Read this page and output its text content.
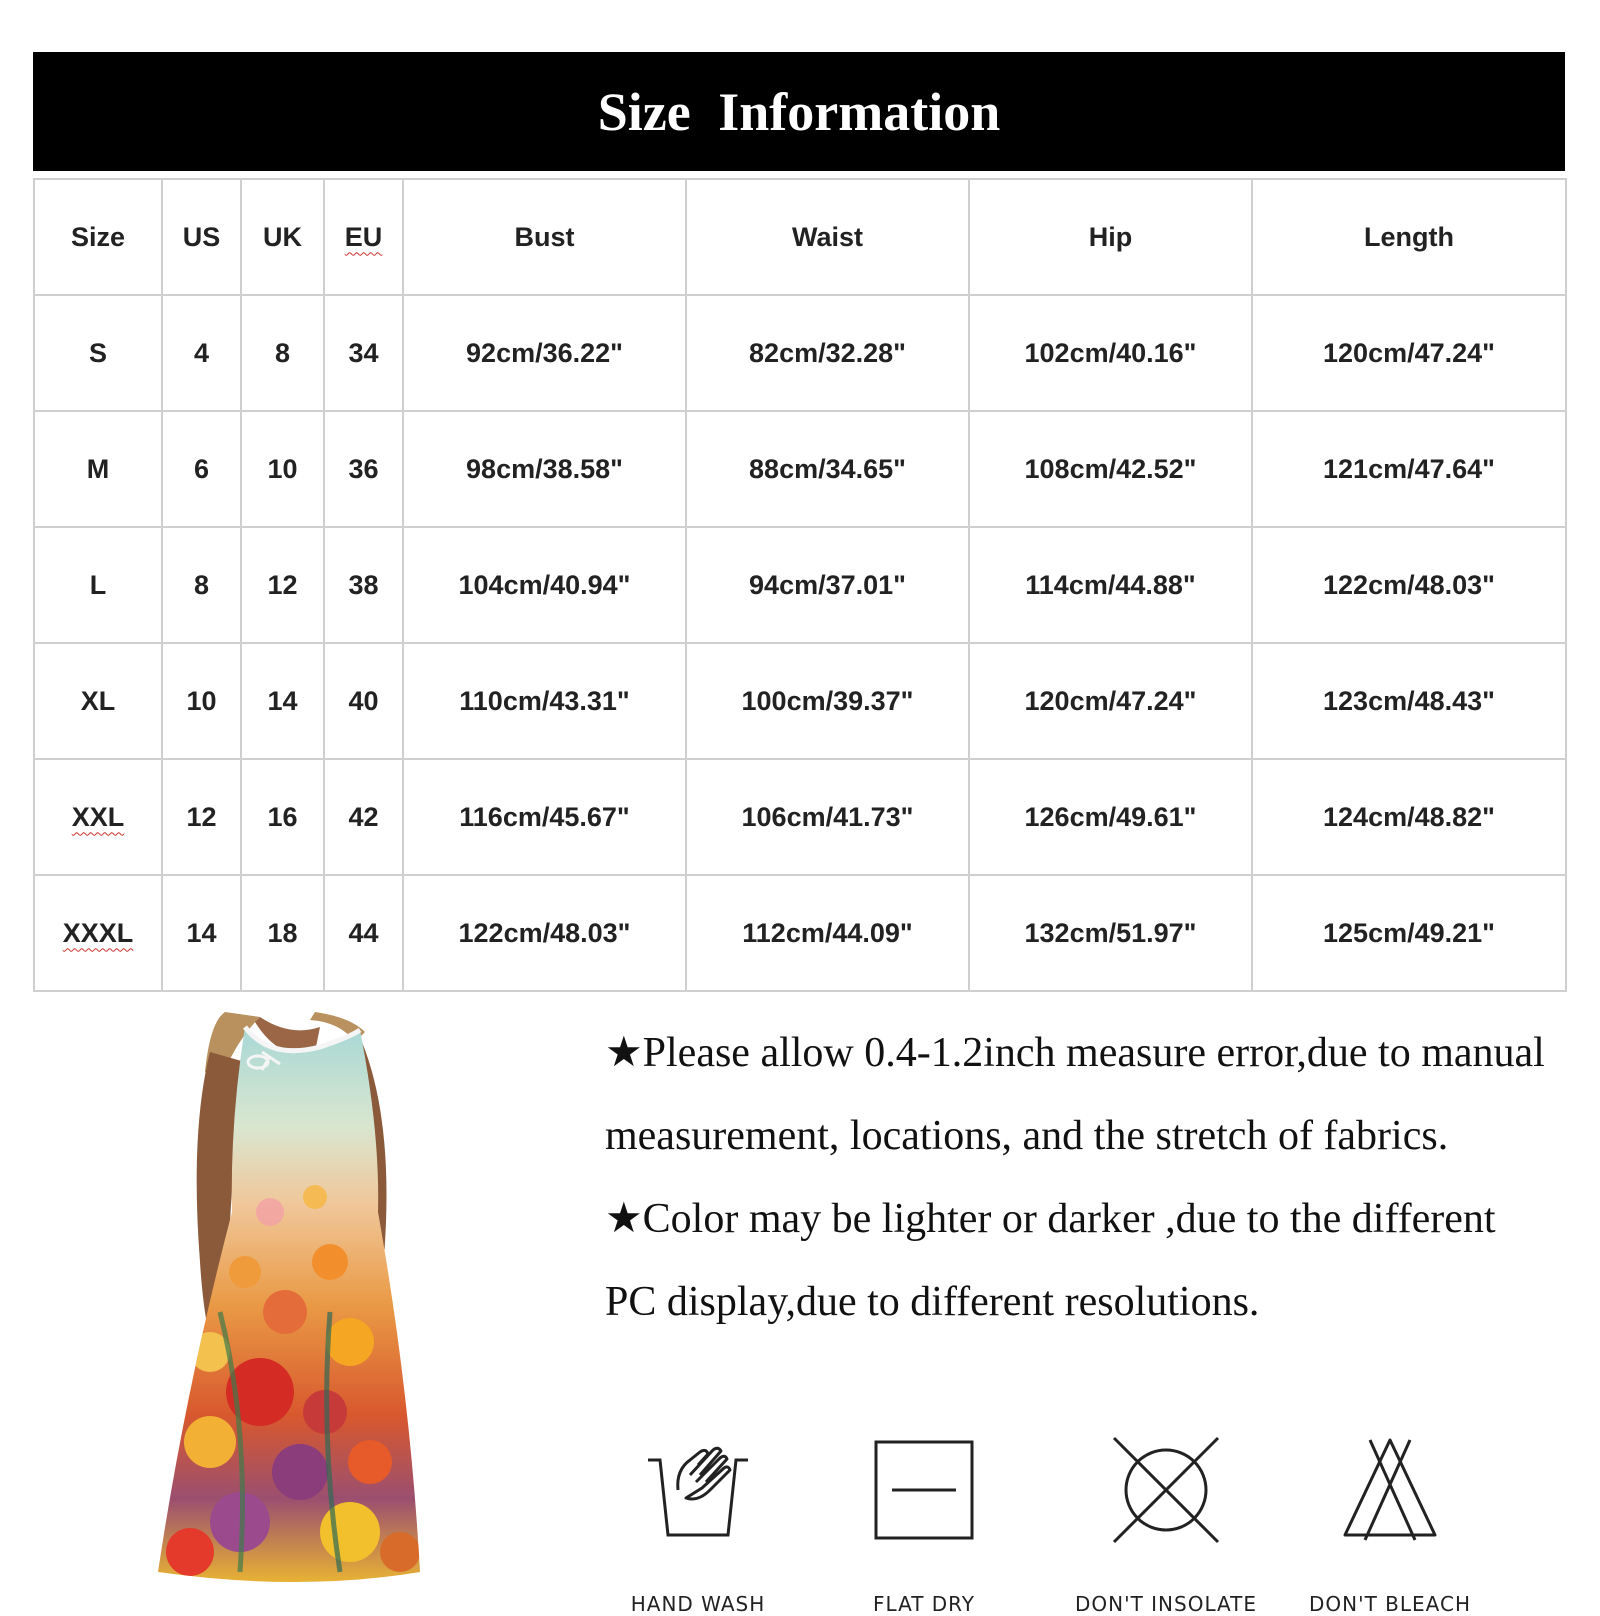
Size Information
Size	US	UK	EU	Bust	Waist	Hip	Length
S	4	8	34	92cm/36.22"	82cm/32.28"	102cm/40.16"	120cm/47.24"
M	6	10	36	98cm/38.58"	88cm/34.65"	108cm/42.52"	121cm/47.64"
L	8	12	38	104cm/40.94"	94cm/37.01"	114cm/44.88"	122cm/48.03"
XL	10	14	40	110cm/43.31"	100cm/39.37"	120cm/47.24"	123cm/48.43"
XXL	12	16	42	116cm/45.67"	106cm/41.73"	126cm/49.61"	124cm/48.82"
XXXL	14	18	44	122cm/48.03"	112cm/44.09"	132cm/51.97"	125cm/49.21"

★Please allow 0.4-1.2inch measure error,due to manual measurement, locations, and the stretch of fabrics.

★Color may be lighter or darker ,due to the different PC display,due to different resolutions.

HAND WASH	FLAT DRY	DON'T INSOLATE	DON'T BLEACH
